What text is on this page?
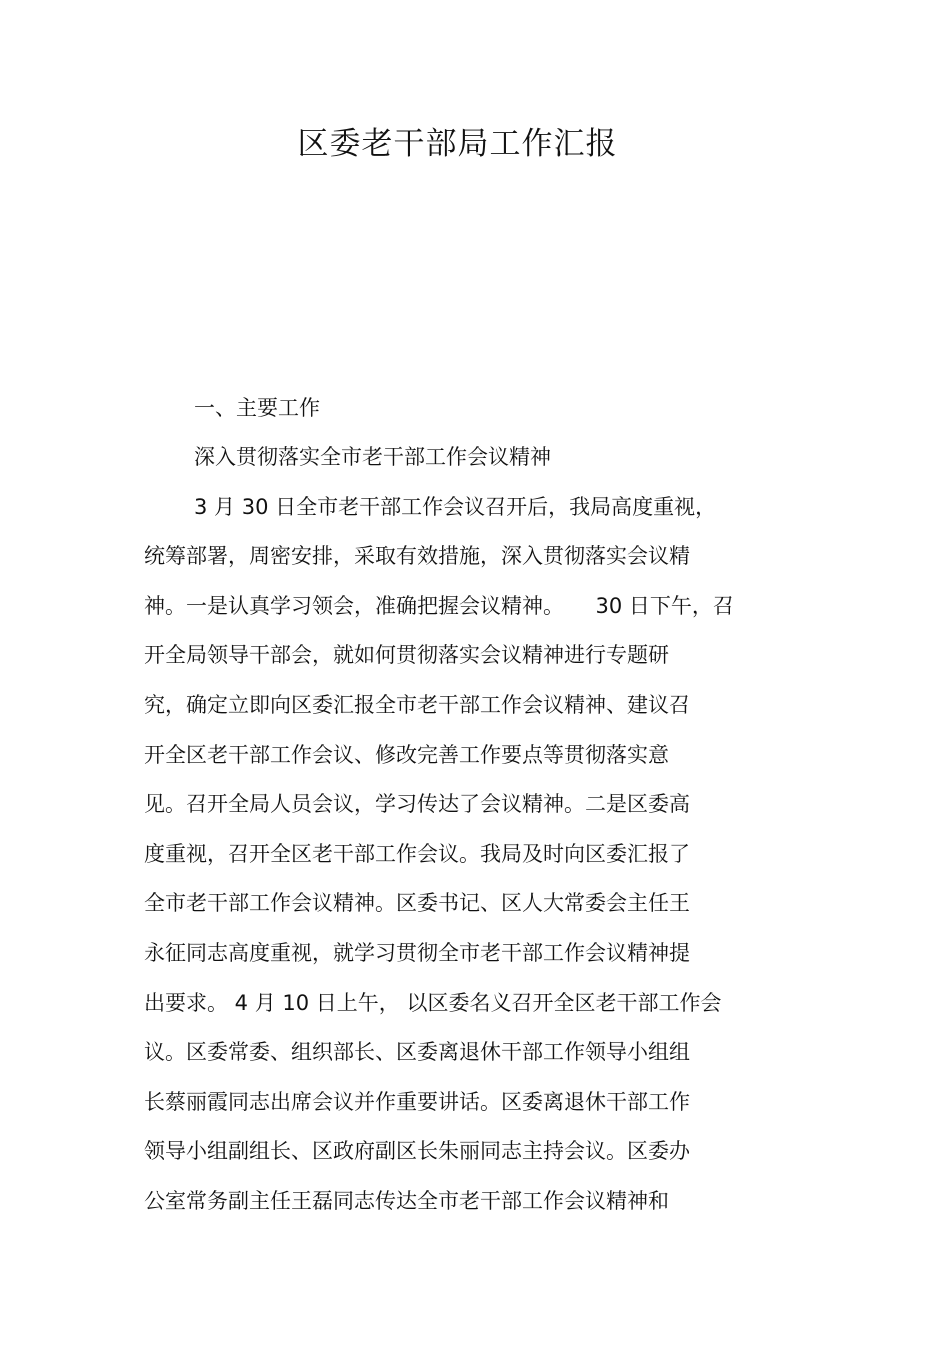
区委老干部局工作汇报
一、主要工作
深入贯彻落实全市老干部工作会议精神
3 月 30 日全市老干部工作会议召开后，我局高度重视，
统筹部署，周密安排，采取有效措施，深入贯彻落实会议精
神。一是认真学习领会，准确把握会议精神。　　30 日下午，召
开全局领导干部会，就如何贯彻落实会议精神进行专题研
究，确定立即向区委汇报全市老干部工作会议精神、建议召
开全区老干部工作会议、修改完善工作要点等贯彻落实意
见。召开全局人员会议，学习传达了会议精神。二是区委高
度重视，召开全区老干部工作会议。我局及时向区委汇报了
全市老干部工作会议精神。区委书记、区人大常委会主任王
永征同志高度重视，就学习贯彻全市老干部工作会议精神提
出要求。 4 月 10 日上午， 以区委名义召开全区老干部工作会
议。区委常委、组织部长、区委离退休干部工作领导小组组
长蔡丽霞同志出席会议并作重要讲话。区委离退休干部工作
领导小组副组长、区政府副区长朱丽同志主持会议。区委办
公室常务副主任王磊同志传达全市老干部工作会议精神和
